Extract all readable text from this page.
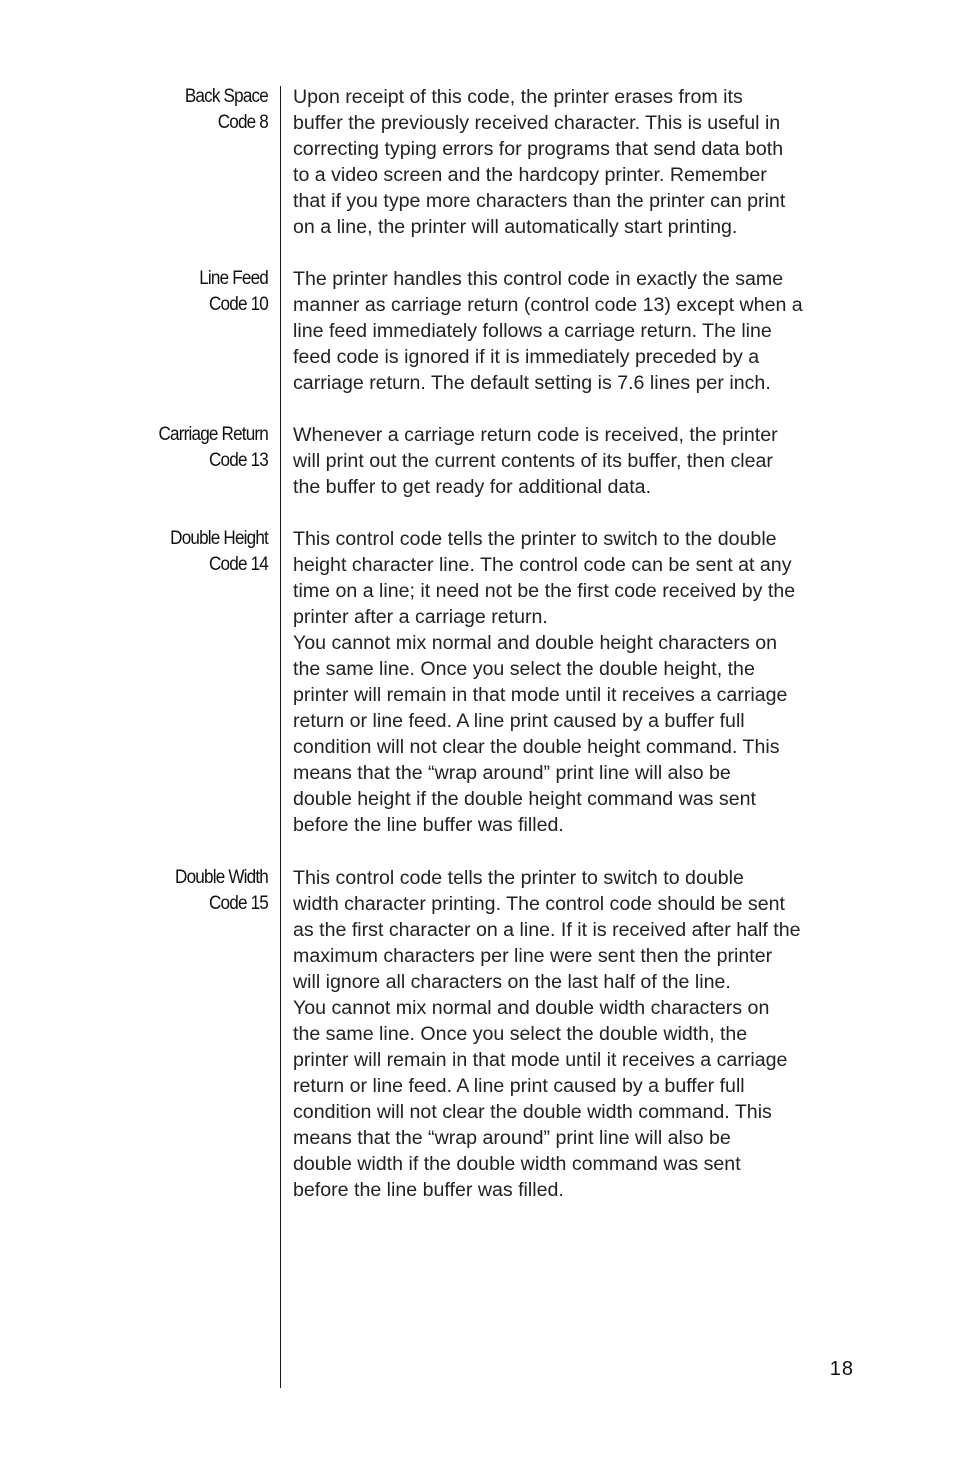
Back Space
Code 8

Upon receipt of this code, the printer erases from its
buffer the previously received character. This is useful in
correcting typing errors for programs that send data both
to a video screen and the hardcopy printer. Remember
that if you type more characters than the printer can print
on a line, the printer will automatically start printing.

Line Feed
Code 10

The printer handles this control code in exactly the same
manner as carriage return (control code 13) except when a
line feed immediately follows a carriage return. The line
feed code is ignored if it is immediately preceded by a
carriage return. The default setting is 7.6 lines per inch.

Carriage Return
Code 13

Whenever a carriage return code is received, the printer
will print out the current contents of its buffer, then clear
the buffer to get ready for additional data.

Double Height
Code 14

This control code tells the printer to switch to the double
height character line. The control code can be sent at any
time on a line; it need not be the first code received by the
printer after a carriage return.

You cannot mix normal and double height characters on
the same line. Once you select the double height, the
printer will remain in that mode until it receives a carriage
return or line feed. A line print caused by a buffer full
condition will not clear the double height command. This
means that the “wrap around” print line will also be
double height if the double height command was sent
before the line buffer was filled.

Double Width
Code 15

This control code tells the printer to switch to double
width character printing. The control code should be sent
as the first character on a line. If it is received after half the
maximum characters per line were sent then the printer
will ignore all characters on the last half of the line.

You cannot mix normal and double width characters on
the same line. Once you select the double width, the
printer will remain in that mode until it receives a carriage
return or line feed. A line print caused by a buffer full
condition will not clear the double width command. This
means that the “wrap around” print line will also be
double width if the double width command was sent
before the line buffer was filled.

18
